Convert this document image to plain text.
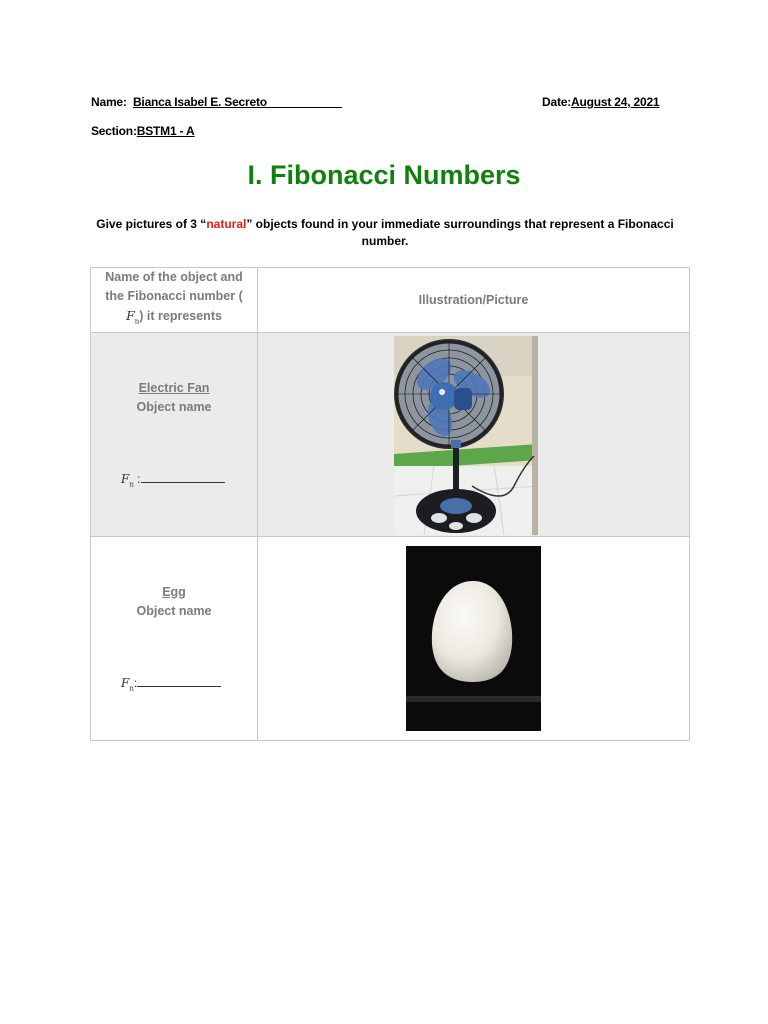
Name: Bianca Isabel E. Secreto	Date:August 24, 2021
Section:BSTM1 - A
I. Fibonacci Numbers
Give pictures of 3 “natural” objects found in your immediate surroundings that represent a Fibonacci number.
Name of the object and
the Fibonacci number (
$F_n$) it represents	Illustration/Picture

Electric Fan
Object name
$F_n$ :

Egg
Object name
$F_n$:
